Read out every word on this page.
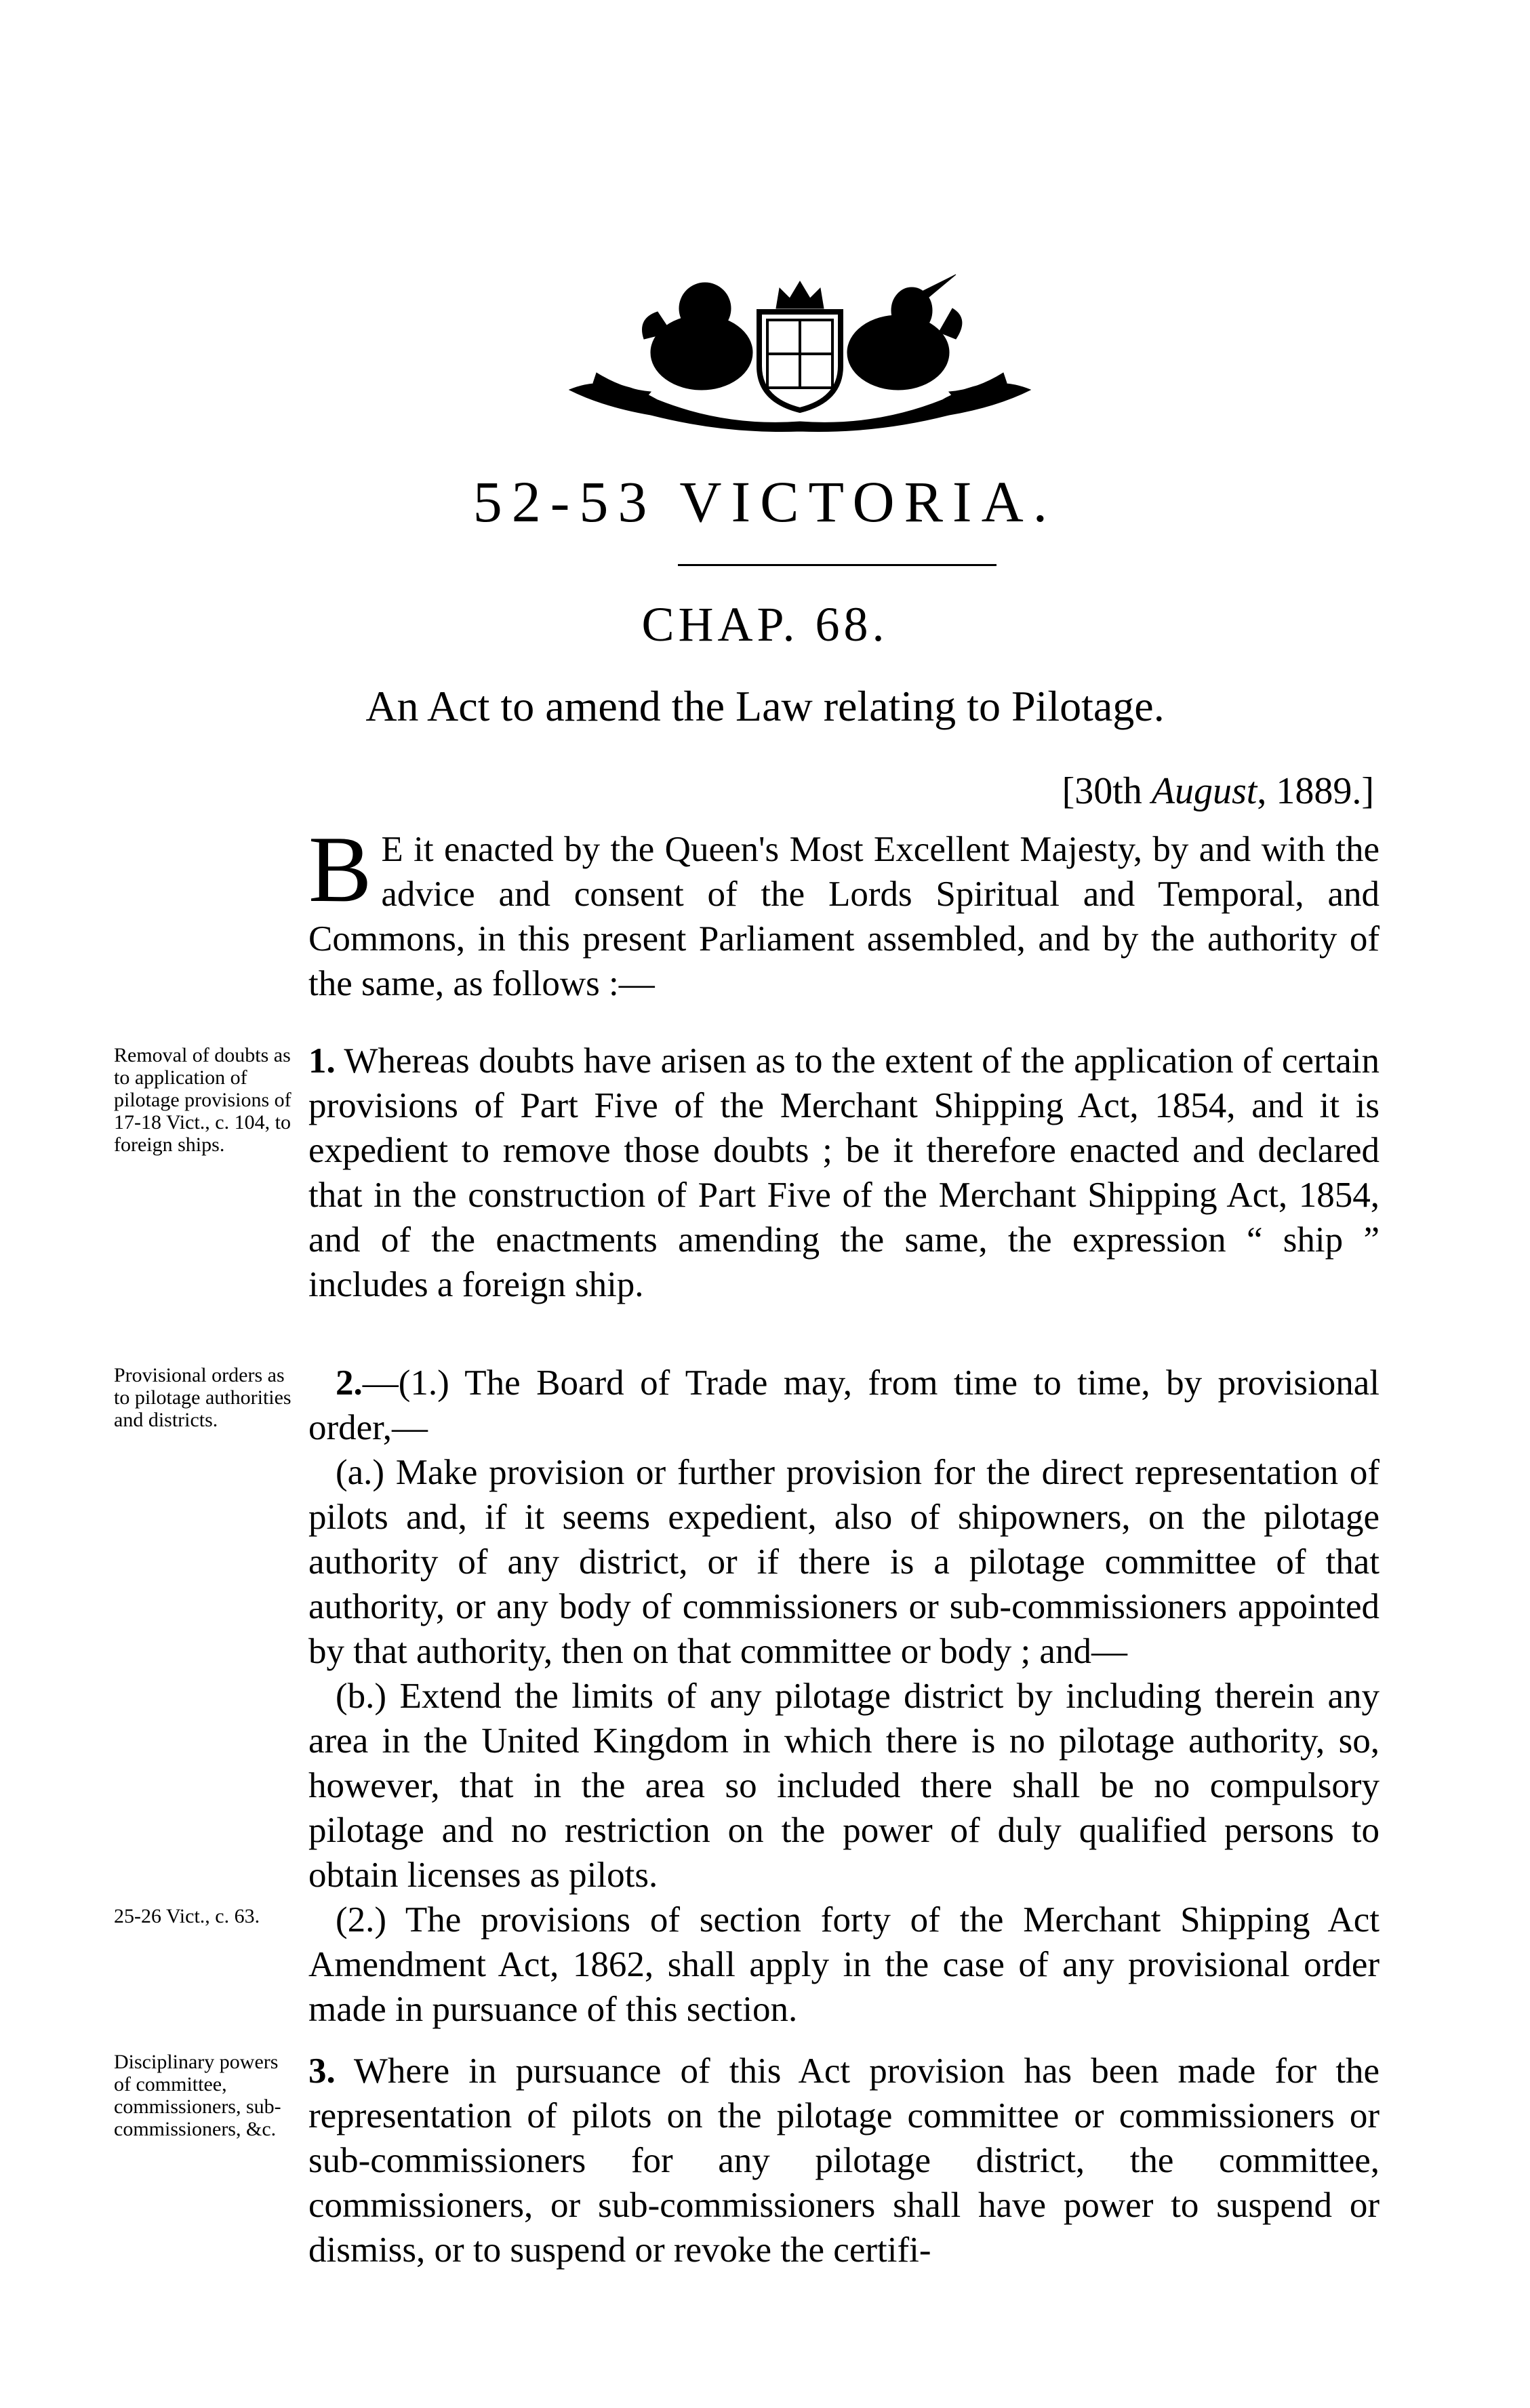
52-53 VICTORIA.
CHAP. 68.
An Act to amend the Law relating to Pilotage.
[30th August, 1889.]
B E it enacted by the Queen's Most Excellent Majesty, by and with the advice and consent of the Lords Spiritual and Temporal, and Commons, in this present Parliament assembled, and by the authority of the same, as follows :—
Removal of doubts as to application of pilotage provisions of 17-18 Vict., c. 104, to foreign ships.
1. Whereas doubts have arisen as to the extent of the application of certain provisions of Part Five of the Merchant Shipping Act, 1854, and it is expedient to remove those doubts ; be it therefore enacted and declared that in the construction of Part Five of the Merchant Shipping Act, 1854, and of the enactments amending the same, the expression “ ship ” includes a foreign ship.
Provisional orders as to pilotage authorities and districts.
2.—(1.) The Board of Trade may, from time to time, by provisional order,—
(a.) Make provision or further provision for the direct representation of pilots and, if it seems expedient, also of shipowners, on the pilotage authority of any district, or if there is a pilotage committee of that authority, or any body of commissioners or sub-commissioners appointed by that authority, then on that committee or body ; and—
(b.) Extend the limits of any pilotage district by including therein any area in the United Kingdom in which there is no pilotage authority, so, however, that in the area so included there shall be no compulsory pilotage and no restriction on the power of duly qualified persons to obtain licenses as pilots.
(2.) The provisions of section forty of the Merchant Shipping Act Amendment Act, 1862, shall apply in the case of any provisional order made in pursuance of this section.
25-26 Vict., c. 63.
Disciplinary powers of committee, commissioners, sub-commissioners, &c.
3. Where in pursuance of this Act provision has been made for the representation of pilots on the pilotage committee or commissioners or sub-commissioners for any pilotage district, the committee, commissioners, or sub-commissioners shall have power to suspend or dismiss, or to suspend or revoke the certifi-
